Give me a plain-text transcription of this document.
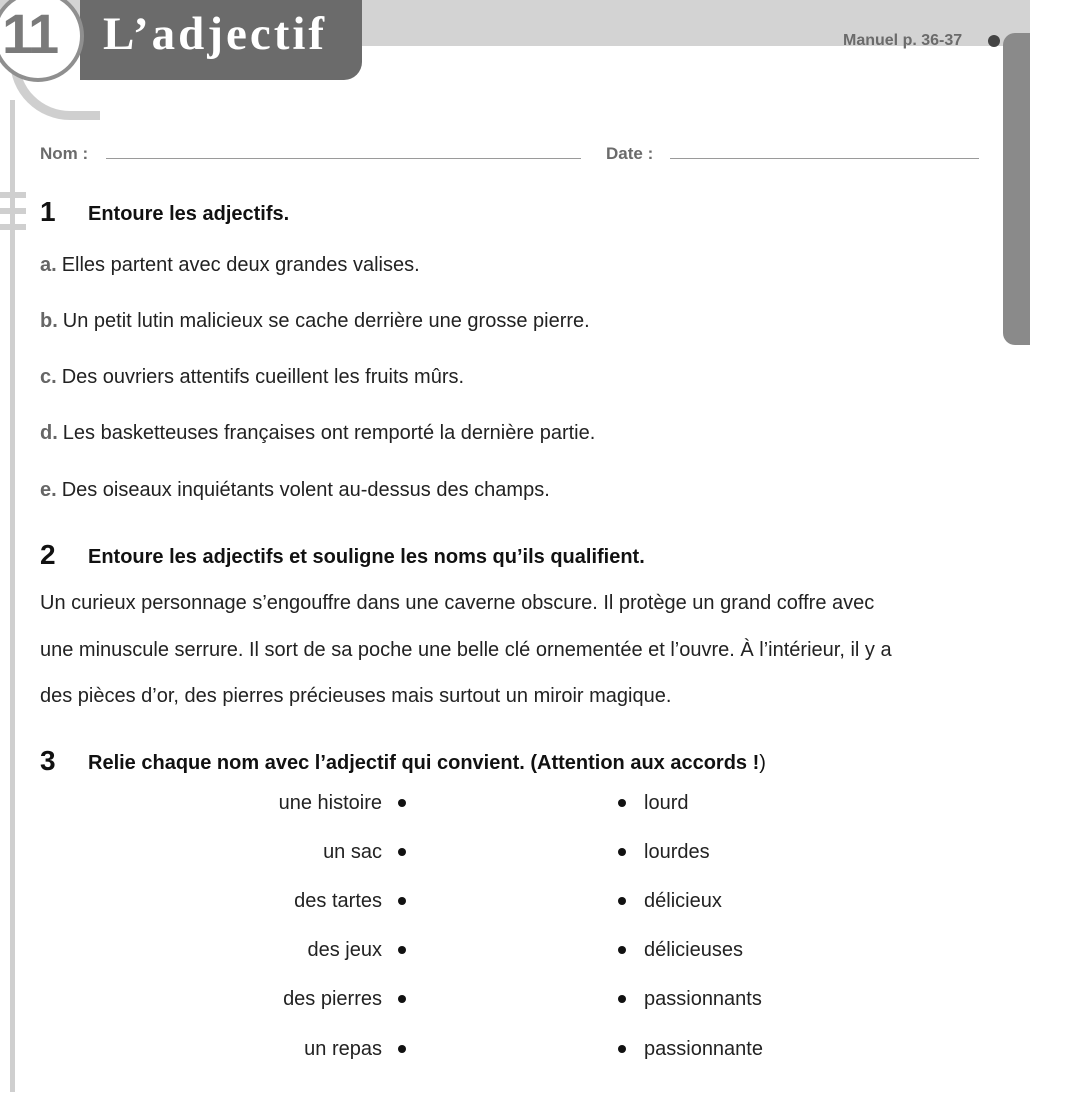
L’adjectif
11	Manuel p. 36-37
Grammaire
Nom :	Date :
1 Entoure les adjectifs.
a. Elles partent avec deux grandes valises.
b. Un petit lutin malicieux se cache derrière une grosse pierre.
c. Des ouvriers attentifs cueillent les fruits mûrs.
d. Les basketteuses françaises ont remporté la dernière partie.
e. Des oiseaux inquiétants volent au-dessus des champs.
2 Entoure les adjectifs et souligne les noms qu’ils qualifient.
Un curieux personnage s’engouffre dans une caverne obscure. Il protège un grand coffre avec
une minuscule serrure. Il sort de sa poche une belle clé ornementée et l’ouvre. À l’intérieur, il y a
des pièces d’or, des pierres précieuses mais surtout un miroir magique.
3 Relie chaque nom avec l’adjectif qui convient. (Attention aux accords !)
une histoire
un sac
des tartes
des jeux
des pierres
un repas
lourd
lourdes
délicieux
délicieuses
passionnants
passionnante
